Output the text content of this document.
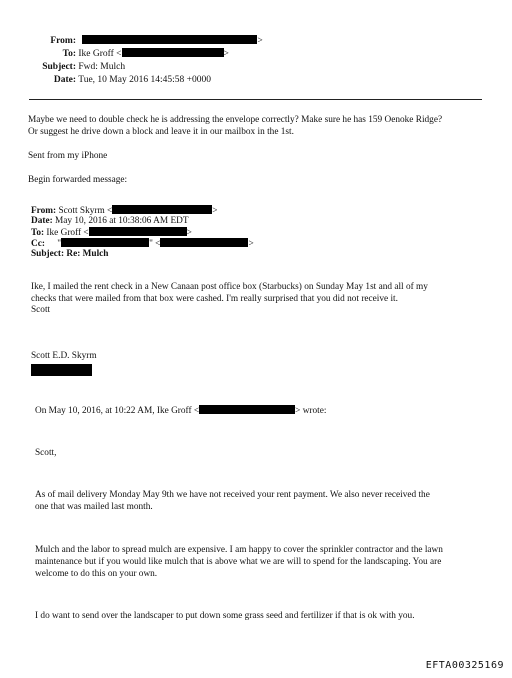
From:	>
To: Ike Groff <	>
Subject: Fwd: Mulch
Date: Tue, 10 May 2016 14:45:58 +0000
Maybe we need to double check he is addressing the envelope correctly? Make sure he has 159 Oenoke Ridge?
Or suggest he drive down a block and leave it in our mailbox in the 1st.
Sent from my iPhone
Begin forwarded message:
From: Scott Skyrm <	>
Date: May 10, 2016 at 10:38:06 AM EDT
To: Ike Groff <	>
Cc: "	" <	>
Subject: Re: Mulch
Ike, I mailed the rent check in a New Canaan post office box (Starbucks) on Sunday May 1st and all of my
checks that were mailed from that box were cashed. I'm really surprised that you did not receive it.
Scott
Scott E.D. Skyrm
On May 10, 2016, at 10:22 AM, Ike Groff <	> wrote:
Scott,
As of mail delivery Monday May 9th we have not received your rent payment. We also never received the
one that was mailed last month.
Mulch and the labor to spread mulch are expensive. I am happy to cover the sprinkler contractor and the lawn
maintenance but if you would like mulch that is above what we are will to spend for the landscaping. You are
welcome to do this on your own.
I do want to send over the landscaper to put down some grass seed and fertilizer if that is ok with you.
EFTA00325169
